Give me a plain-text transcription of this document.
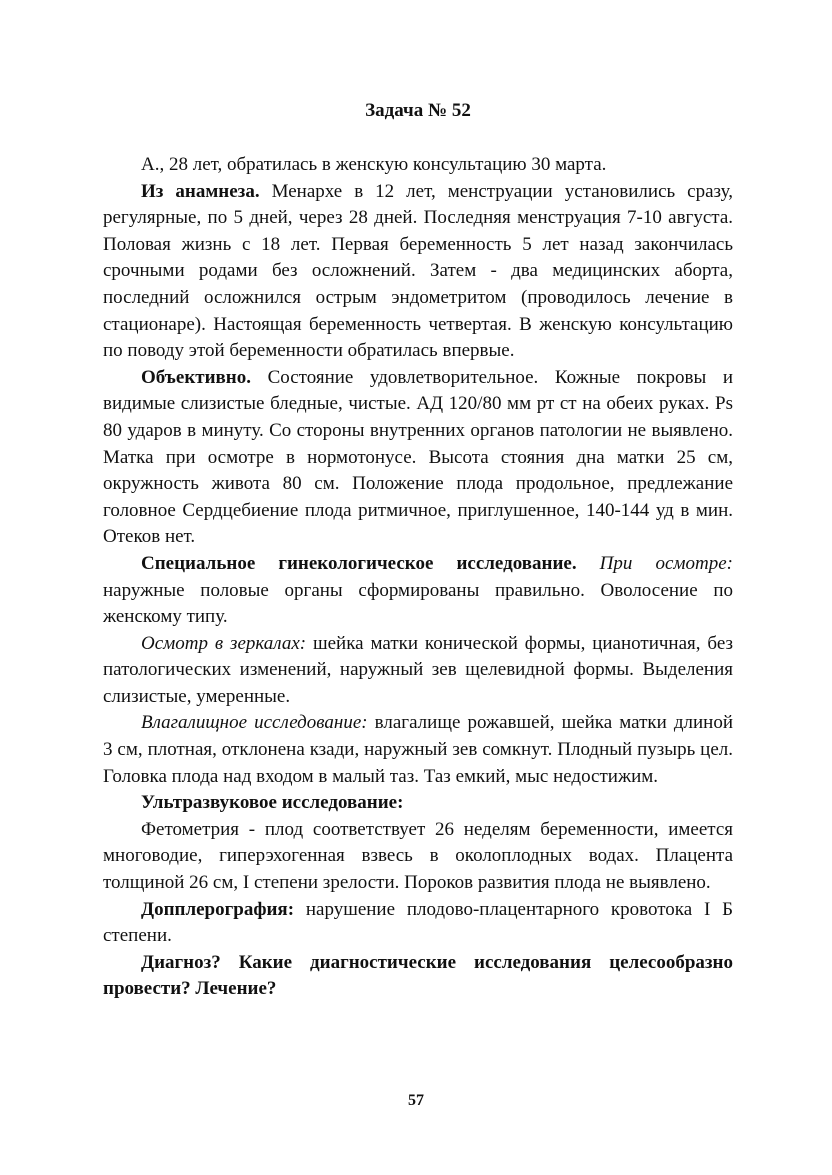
Задача № 52

А., 28 лет, обратилась в женскую консультацию 30 марта.

Из анамнеза. Менархе в 12 лет, менструации установились сразу, регулярные, по 5 дней, через 28 дней. Последняя менструация 7-10 августа. Половая жизнь с 18 лет. Первая беременность 5 лет назад закончилась срочными родами без осложнений. Затем - два медицинских аборта, последний осложнился острым эндометритом (проводилось лечение в стационаре). Настоящая беременность четвертая. В женскую консультацию по поводу этой беременности обратилась впервые.

Объективно. Состояние удовлетворительное. Кожные покровы и видимые слизистые бледные, чистые. АД 120/80 мм рт ст на обеих руках. Ps 80 ударов в минуту. Со стороны внутренних органов патологии не выявлено. Матка при осмотре в нормотонусе. Высота стояния дна матки 25 см, окружность живота 80 см. Положение плода продольное, предлежание головное Сердцебиение плода ритмичное, приглушенное, 140-144 уд в мин. Отеков нет.

Специальное гинекологическое исследование. При осмотре: наружные половые органы сформированы правильно. Оволосение по женскому типу.

Осмотр в зеркалах: шейка матки конической формы, цианотичная, без патологических изменений, наружный зев щелевидной формы. Выделения слизистые, умеренные.

Влагалищное исследование: влагалище рожавшей, шейка матки длиной 3 см, плотная, отклонена кзади, наружный зев сомкнут. Плодный пузырь цел. Головка плода над входом в малый таз. Таз емкий, мыс недостижим.

Ультразвуковое исследование:

Фетометрия - плод соответствует 26 неделям беременности, имеется многоводие, гиперэхогенная взвесь в околоплодных водах. Плацента толщиной 26 см, I степени зрелости. Пороков развития плода не выявлено.

Допплерография: нарушение плодово-плацентарного кровотока I Б степени.

Диагноз? Какие диагностические исследования целесообразно провести? Лечение?

57
